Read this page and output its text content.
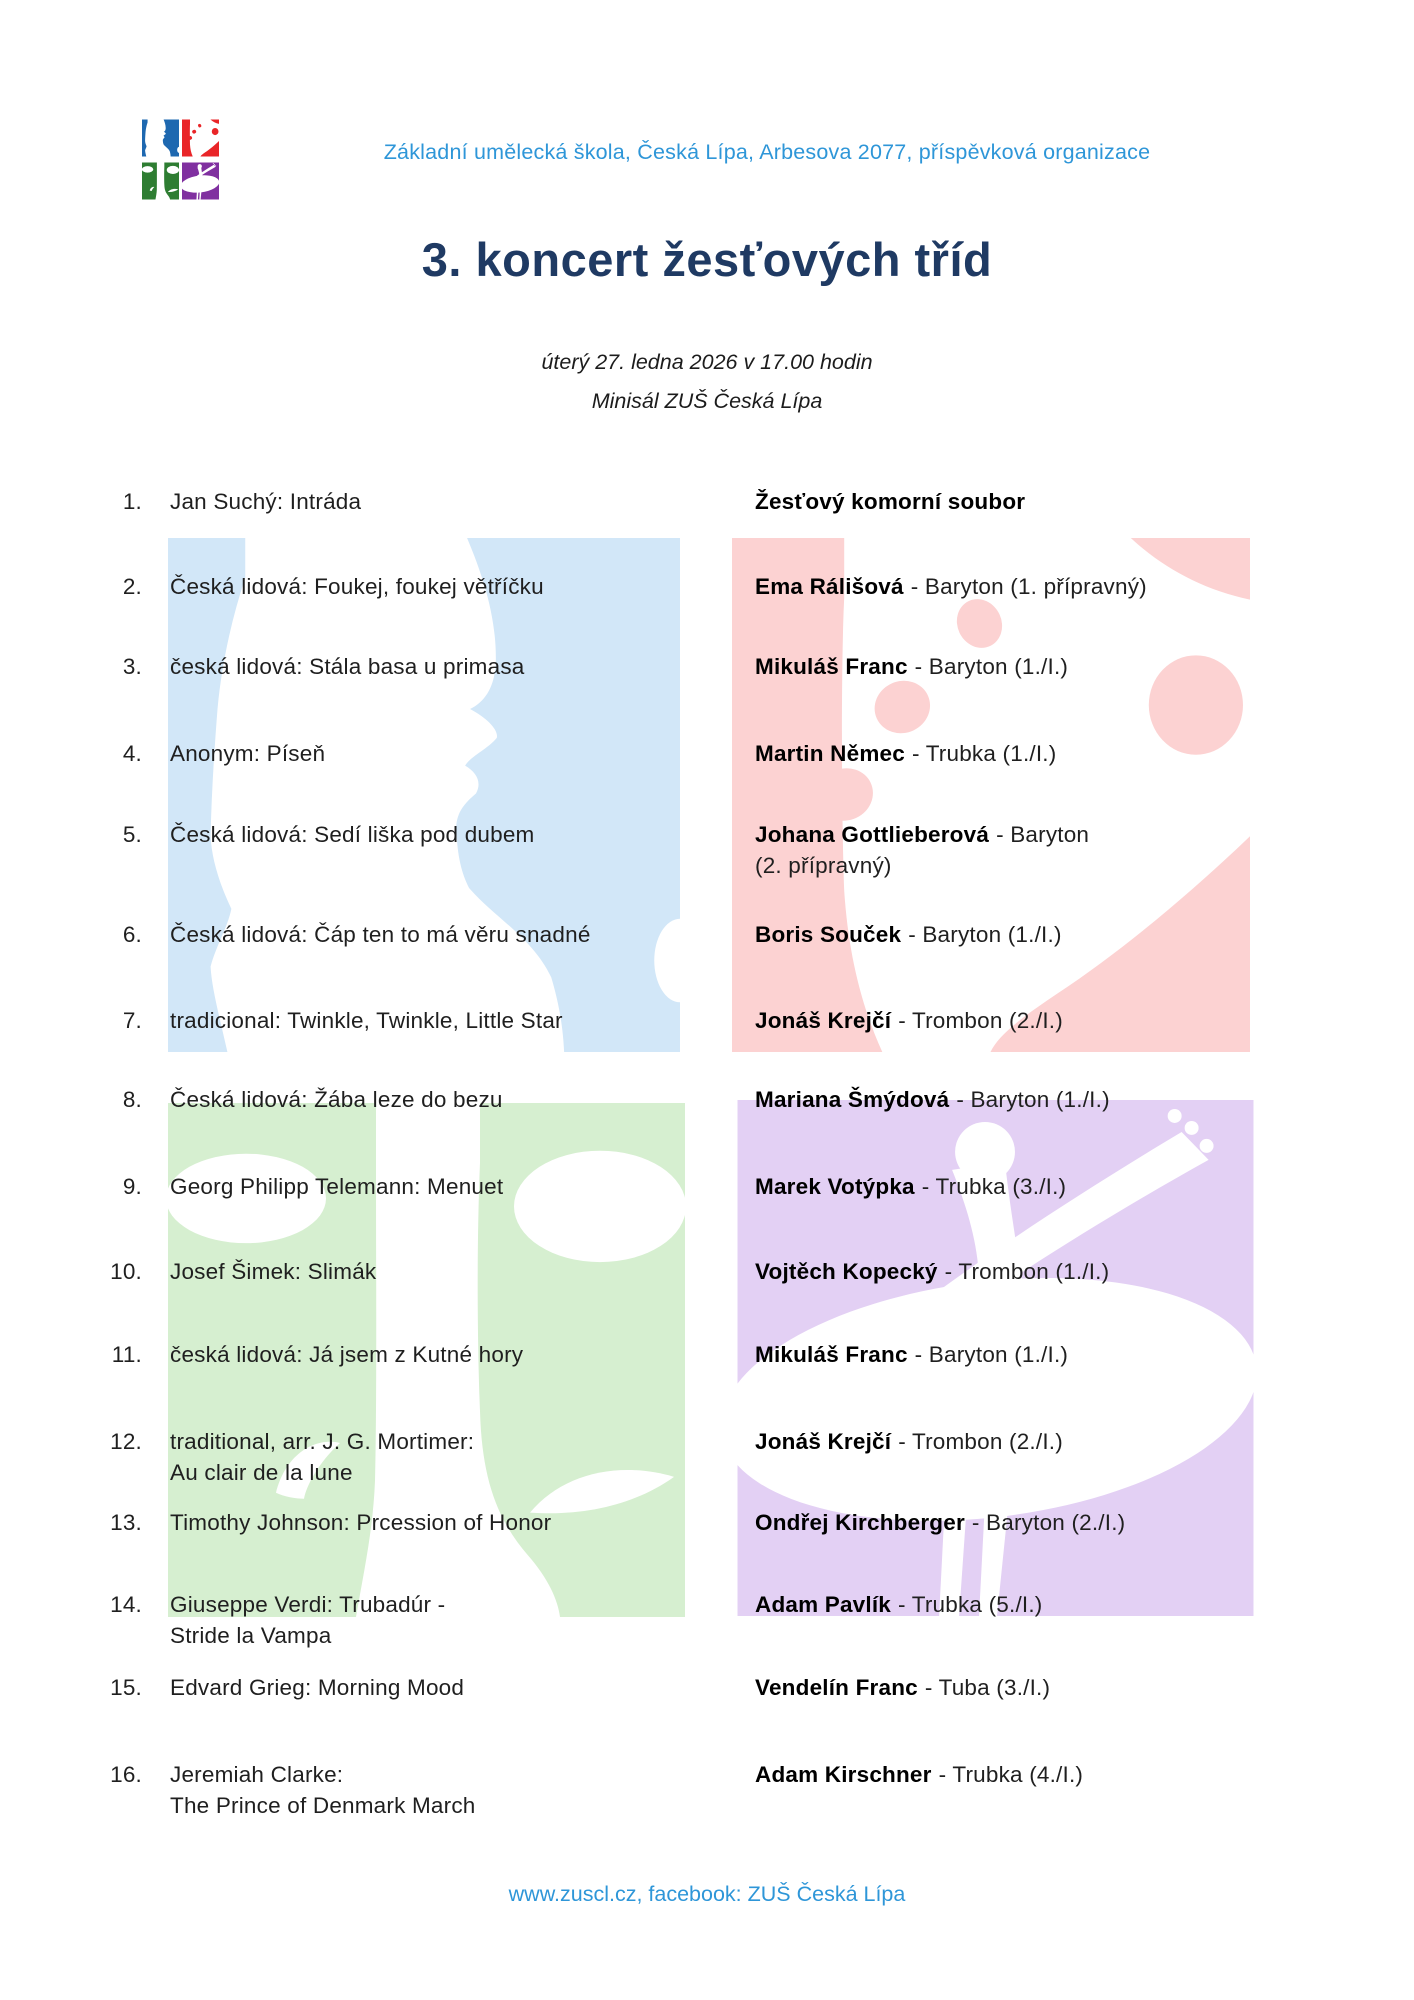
Základní umělecká škola, Česká Lípa, Arbesova 2077, příspěvková organizace
3. koncert žesťových tříd
úterý 27. ledna 2026 v 17.00 hodin
Minisál ZUŠ Česká Lípa
1. Jan Suchý: Intráda	Žesťový komorní soubor
2. Česká lidová: Foukej, foukej větříčku	Ema Rálišová - Baryton (1. přípravný)
3. česká lidová: Stála basa u primasa	Mikuláš Franc - Baryton (1./I.)
4. Anonym: Píseň	Martin Němec - Trubka (1./I.)
5. Česká lidová: Sedí liška pod dubem	Johana Gottlieberová - Baryton
(2. přípravný)
6. Česká lidová: Čáp ten to má věru snadné	Boris Souček - Baryton (1./I.)
7. tradicional: Twinkle, Twinkle, Little Star	Jonáš Krejčí - Trombon (2./I.)
8. Česká lidová: Žába leze do bezu	Mariana Šmýdová - Baryton (1./I.)
9. Georg Philipp Telemann: Menuet	Marek Votýpka - Trubka (3./I.)
10. Josef Šimek: Slimák	Vojtěch Kopecký - Trombon (1./I.)
11. česká lidová: Já jsem z Kutné hory	Mikuláš Franc - Baryton (1./I.)
12. traditional, arr. J. G. Mortimer:
Au clair de la lune
Jonáš Krejčí - Trombon (2./I.)
13. Timothy Johnson: Prcession of Honor	Ondřej Kirchberger - Baryton (2./I.)
14. Giuseppe Verdi: Trubadúr -
Stride la Vampa
Adam Pavlík - Trubka (5./I.)
15. Edvard Grieg: Morning Mood	Vendelín Franc - Tuba (3./I.)
16. Jeremiah Clarke:
The Prince of Denmark March
Adam Kirschner - Trubka (4./I.)
www.zuscl.cz, facebook: ZUŠ Česká Lípa
